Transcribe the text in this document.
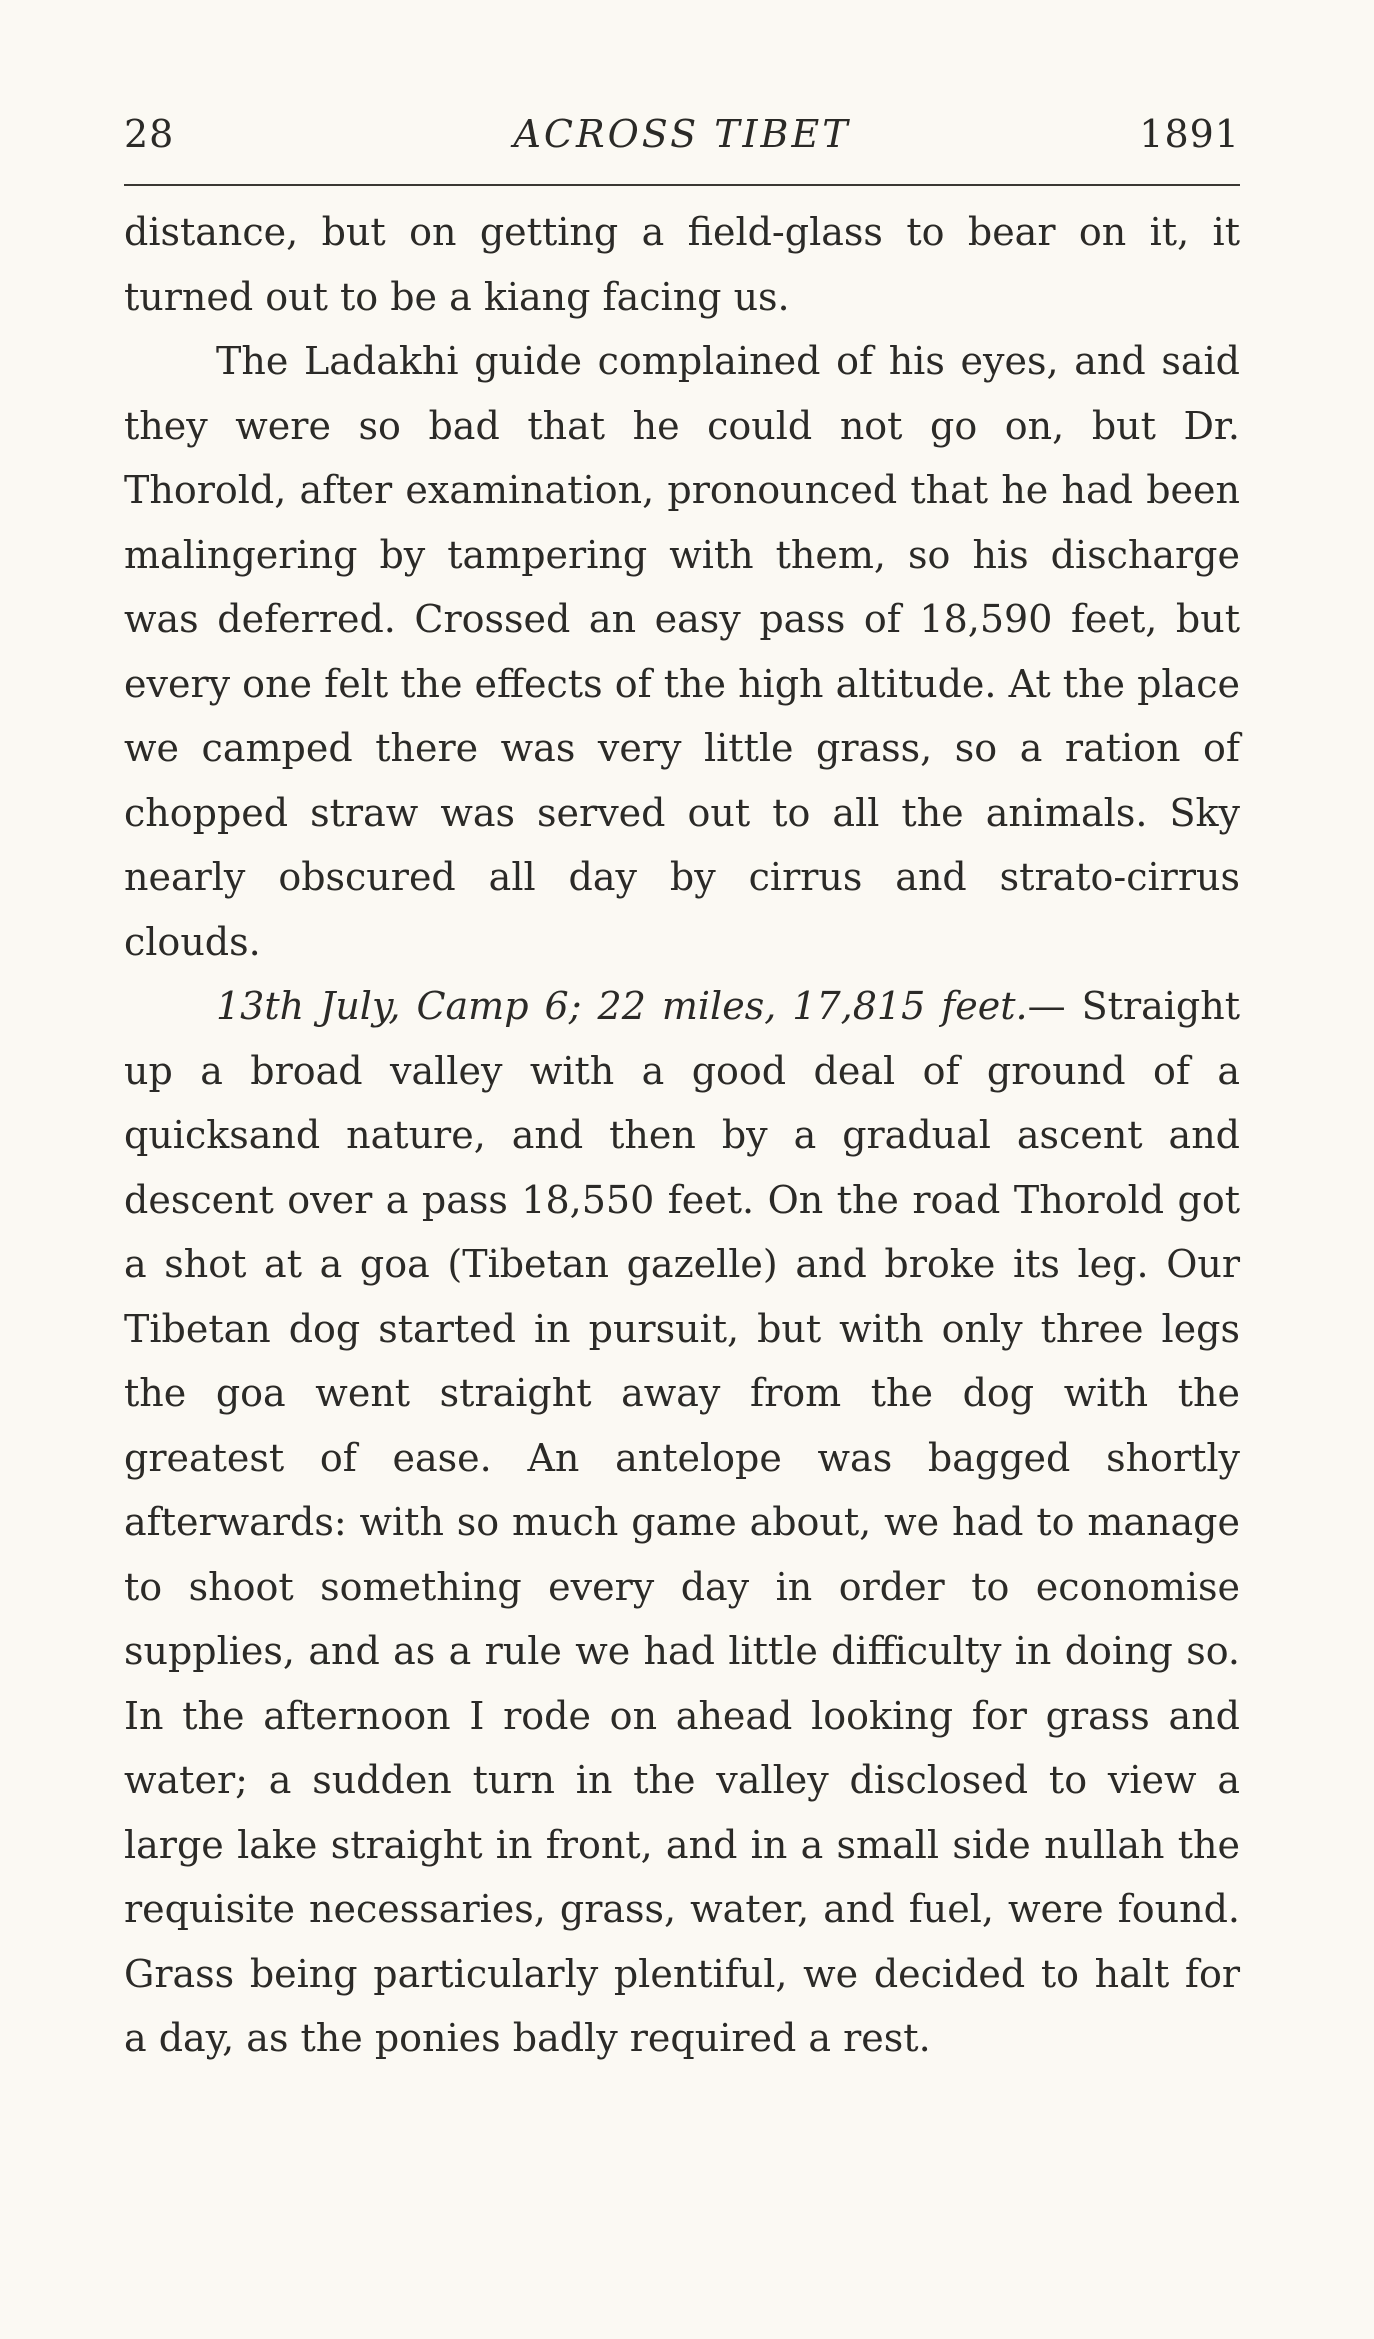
28	ACROSS TIBET	1891

distance, but on getting a field-glass to bear on it, it turned out to be a kiang facing us.

The Ladakhi guide complained of his eyes, and said they were so bad that he could not go on, but Dr. Thorold, after examination, pronounced that he had been malingering by tampering with them, so his discharge was deferred. Crossed an easy pass of 18,590 feet, but every one felt the effects of the high altitude. At the place we camped there was very little grass, so a ration of chopped straw was served out to all the animals. Sky nearly obscured all day by cirrus and strato-cirrus clouds.

13th July, Camp 6; 22 miles, 17,815 feet.— Straight up a broad valley with a good deal of ground of a quicksand nature, and then by a gradual ascent and descent over a pass 18,550 feet. On the road Thorold got a shot at a goa (Tibetan gazelle) and broke its leg. Our Tibetan dog started in pursuit, but with only three legs the goa went straight away from the dog with the greatest of ease. An antelope was bagged shortly afterwards: with so much game about, we had to manage to shoot something every day in order to economise supplies, and as a rule we had little difficulty in doing so. In the afternoon I rode on ahead looking for grass and water; a sudden turn in the valley disclosed to view a large lake straight in front, and in a small side nullah the requisite necessaries, grass, water, and fuel, were found. Grass being particularly plentiful, we decided to halt for a day, as the ponies badly required a rest.
